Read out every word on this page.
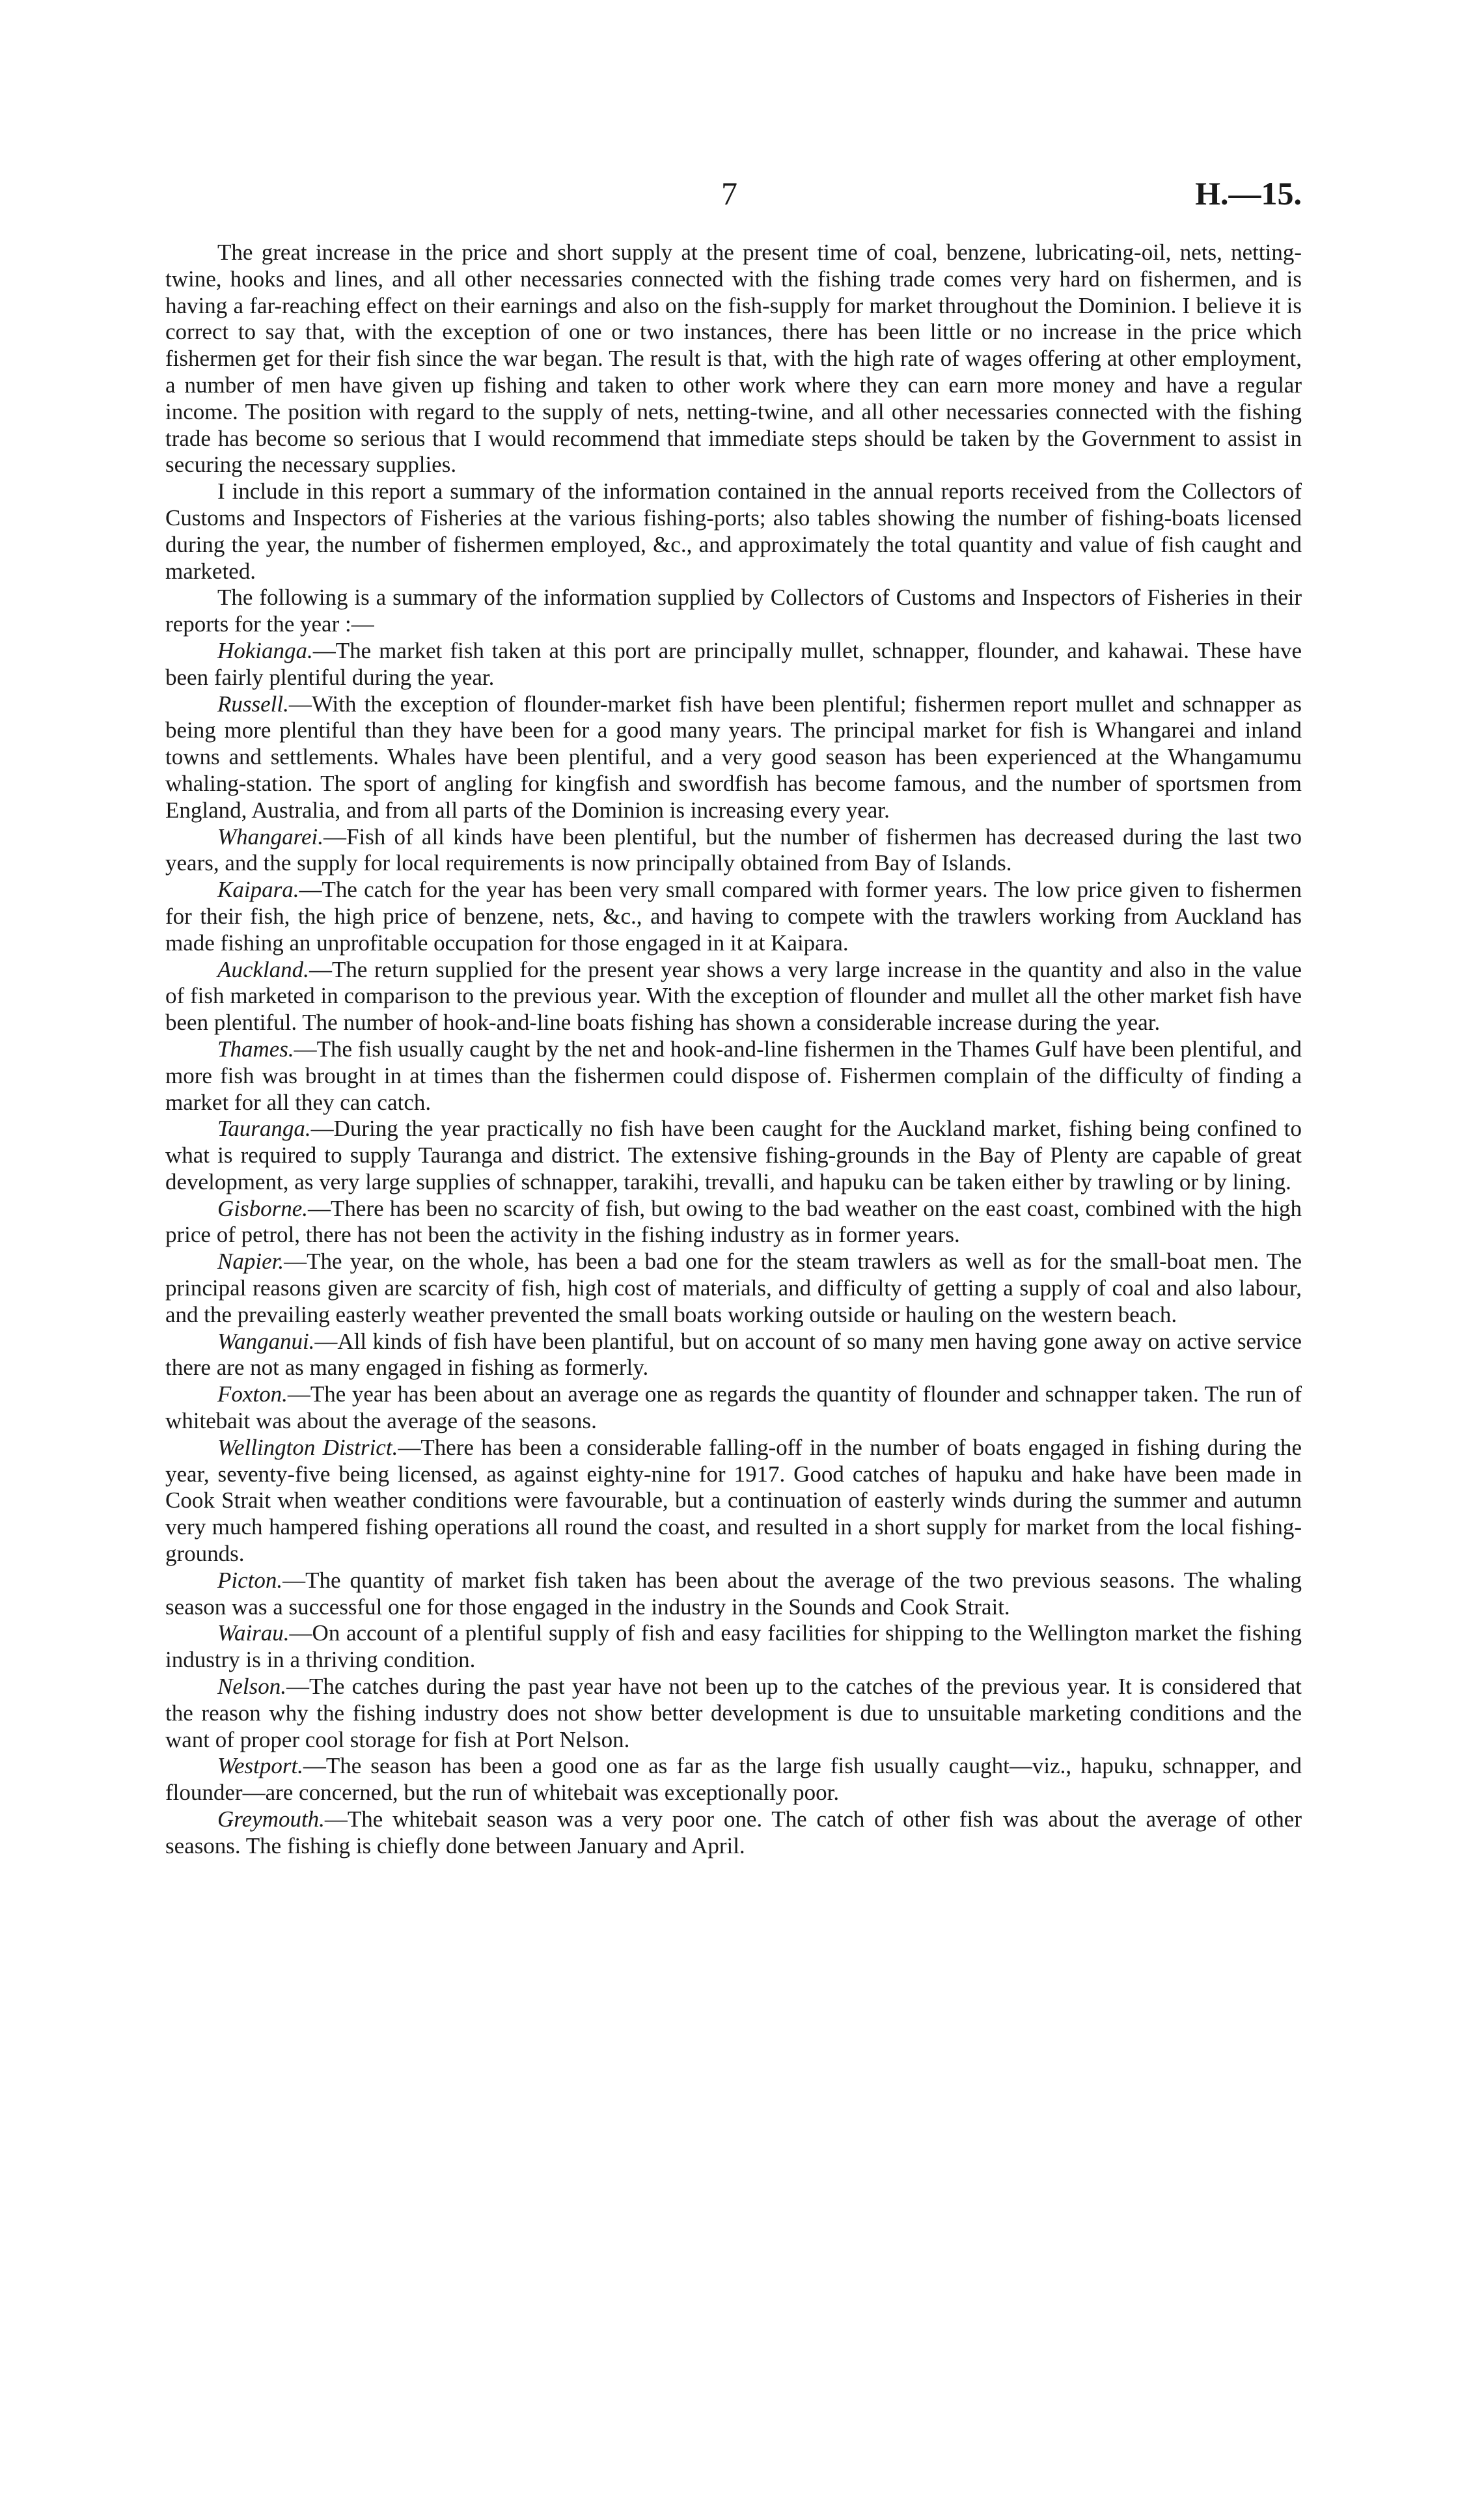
7	H.—15.

The great increase in the price and short supply at the present time of coal, benzene, lubricating-oil, nets, netting-twine, hooks and lines, and all other necessaries connected with the fishing trade comes very hard on fishermen, and is having a far-reaching effect on their earnings and also on the fish-supply for market throughout the Dominion. I believe it is correct to say that, with the exception of one or two instances, there has been little or no increase in the price which fishermen get for their fish since the war began. The result is that, with the high rate of wages offering at other employment, a number of men have given up fishing and taken to other work where they can earn more money and have a regular income. The position with regard to the supply of nets, netting-twine, and all other necessaries connected with the fishing trade has become so serious that I would recommend that immediate steps should be taken by the Government to assist in securing the necessary supplies.

I include in this report a summary of the information contained in the annual reports received from the Collectors of Customs and Inspectors of Fisheries at the various fishing-ports; also tables showing the number of fishing-boats licensed during the year, the number of fishermen employed, &c., and approximately the total quantity and value of fish caught and marketed.

The following is a summary of the information supplied by Collectors of Customs and Inspectors of Fisheries in their reports for the year :—

Hokianga.—The market fish taken at this port are principally mullet, schnapper, flounder, and kahawai. These have been fairly plentiful during the year.

Russell.—With the exception of flounder-market fish have been plentiful; fishermen report mullet and schnapper as being more plentiful than they have been for a good many years. The principal market for fish is Whangarei and inland towns and settlements. Whales have been plentiful, and a very good season has been experienced at the Whangamumu whaling-station. The sport of angling for kingfish and swordfish has become famous, and the number of sportsmen from England, Australia, and from all parts of the Dominion is increasing every year.

Whangarei.—Fish of all kinds have been plentiful, but the number of fishermen has decreased during the last two years, and the supply for local requirements is now principally obtained from Bay of Islands.

Kaipara.—The catch for the year has been very small compared with former years. The low price given to fishermen for their fish, the high price of benzene, nets, &c., and having to compete with the trawlers working from Auckland has made fishing an unprofitable occupation for those engaged in it at Kaipara.

Auckland.—The return supplied for the present year shows a very large increase in the quantity and also in the value of fish marketed in comparison to the previous year. With the exception of flounder and mullet all the other market fish have been plentiful. The number of hook-and-line boats fishing has shown a considerable increase during the year.

Thames.—The fish usually caught by the net and hook-and-line fishermen in the Thames Gulf have been plentiful, and more fish was brought in at times than the fishermen could dispose of. Fishermen complain of the difficulty of finding a market for all they can catch.

Tauranga.—During the year practically no fish have been caught for the Auckland market, fishing being confined to what is required to supply Tauranga and district. The extensive fishing-grounds in the Bay of Plenty are capable of great development, as very large supplies of schnapper, tarakihi, trevalli, and hapuku can be taken either by trawling or by lining.

Gisborne.—There has been no scarcity of fish, but owing to the bad weather on the east coast, combined with the high price of petrol, there has not been the activity in the fishing industry as in former years.

Napier.—The year, on the whole, has been a bad one for the steam trawlers as well as for the small-boat men. The principal reasons given are scarcity of fish, high cost of materials, and difficulty of getting a supply of coal and also labour, and the prevailing easterly weather prevented the small boats working outside or hauling on the western beach.

Wanganui.—All kinds of fish have been plantiful, but on account of so many men having gone away on active service there are not as many engaged in fishing as formerly.

Foxton.—The year has been about an average one as regards the quantity of flounder and schnapper taken. The run of whitebait was about the average of the seasons.

Wellington District.—There has been a considerable falling-off in the number of boats engaged in fishing during the year, seventy-five being licensed, as against eighty-nine for 1917. Good catches of hapuku and hake have been made in Cook Strait when weather conditions were favourable, but a continuation of easterly winds during the summer and autumn very much hampered fishing operations all round the coast, and resulted in a short supply for market from the local fishing-grounds.

Picton.—The quantity of market fish taken has been about the average of the two previous seasons. The whaling season was a successful one for those engaged in the industry in the Sounds and Cook Strait.

Wairau.—On account of a plentiful supply of fish and easy facilities for shipping to the Wellington market the fishing industry is in a thriving condition.

Nelson.—The catches during the past year have not been up to the catches of the previous year. It is considered that the reason why the fishing industry does not show better development is due to unsuitable marketing conditions and the want of proper cool storage for fish at Port Nelson.

Westport.—The season has been a good one as far as the large fish usually caught—viz., hapuku, schnapper, and flounder—are concerned, but the run of whitebait was exceptionally poor.

Greymouth.—The whitebait season was a very poor one. The catch of other fish was about the average of other seasons. The fishing is chiefly done between January and April.
